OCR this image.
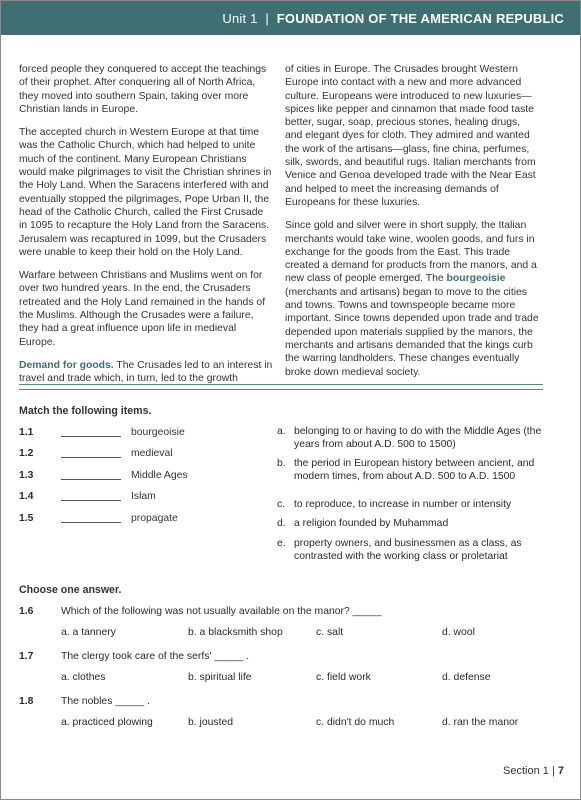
Unit 1 | FOUNDATION OF THE AMERICAN REPUBLIC

forced people they conquered to accept the teachings of their prophet. After conquering all of North Africa, they moved into southern Spain, taking over more Christian lands in Europe.

The accepted church in Western Europe at that time was the Catholic Church, which had helped to unite much of the continent. Many European Christians would make pilgrimages to visit the Christian shrines in the Holy Land. When the Saracens interfered with and eventually stopped the pilgrimages, Pope Urban II, the head of the Catholic Church, called the First Crusade in 1095 to recapture the Holy Land from the Saracens. Jerusalem was recaptured in 1099, but the Crusaders were unable to keep their hold on the Holy Land.

Warfare between Christians and Muslims went on for over two hundred years. In the end, the Crusaders retreated and the Holy Land remained in the hands of the Muslims. Although the Crusades were a failure, they had a great influence upon life in medieval Europe.

Demand for goods. The Crusades led to an interest in travel and trade which, in turn, led to the growth

of cities in Europe. The Crusades brought Western Europe into contact with a new and more advanced culture. Europeans were introduced to new luxuries—spices like pepper and cinnamon that made food taste better, sugar, soap, precious stones, healing drugs, and elegant dyes for cloth. They admired and wanted the work of the artisans—glass, fine china, perfumes, silk, swords, and beautiful rugs. Italian merchants from Venice and Genoa developed trade with the Near East and helped to meet the increasing demands of Europeans for these luxuries.

Since gold and silver were in short supply, the Italian merchants would take wine, woolen goods, and furs in exchange for the goods from the East. This trade created a demand for products from the manors, and a new class of people emerged. The bourgeoisie (merchants and artisans) began to move to the cities and towns. Towns and townspeople became more important. Since towns depended upon trade and trade depended upon materials supplied by the manors, the merchants and artisans demanded that the kings curb the warring landholders. These changes eventually broke down medieval society.

Match the following items.
1.1	bourgeoisie
1.2	medieval
1.3	Middle Ages
1.4	Islam
1.5	propagate
a. belonging to or having to do with the Middle Ages (the years from about A.D. 500 to 1500)
b. the period in European history between ancient, and modern times, from about A.D. 500 to A.D. 1500
c. to reproduce, to increase in number or intensity
d. a religion founded by Muhammad
e. property owners, and businessmen as a class, as contrasted with the working class or proletariat
Choose one answer.
1.6	Which of the following was not usually available on the manor? _____
a. a tannery	b. a blacksmith shop	c. salt	d. wool
1.7	The clergy took care of the serfs' _____ .
a. clothes	b. spiritual life	c. field work	d. defense
1.8	The nobles _____ .
a. practiced plowing	b. jousted	c. didn't do much	d. ran the manor
Section 1 | 7
